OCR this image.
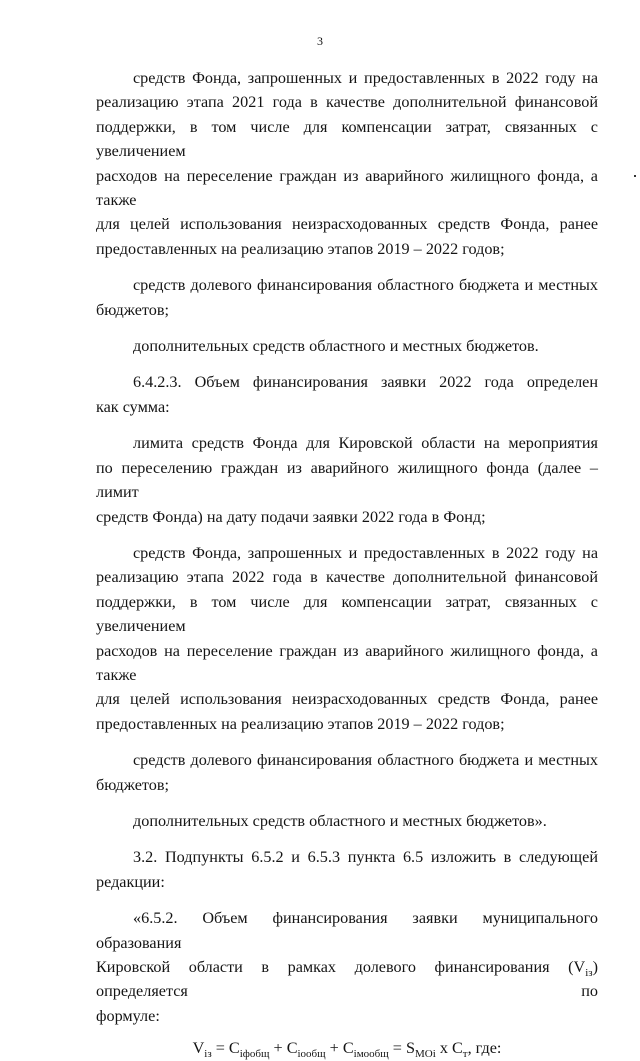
3
средств Фонда, запрошенных и предоставленных в 2022 году на
реализацию этапа 2021 года в качестве дополнительной финансовой
поддержки, в том числе для компенсации затрат, связанных с увеличением
расходов на переселение граждан из аварийного жилищного фонда, а также
для целей использования неизрасходованных средств Фонда, ранее
предоставленных на реализацию этапов 2019 – 2022 годов;
средств долевого финансирования областного бюджета и местных
бюджетов;
дополнительных средств областного и местных бюджетов.
6.4.2.3. Объем финансирования заявки 2022 года определен
как сумма:
лимита средств Фонда для Кировской области на мероприятия
по переселению граждан из аварийного жилищного фонда (далее – лимит
средств Фонда) на дату подачи заявки 2022 года в Фонд;
средств Фонда, запрошенных и предоставленных в 2022 году на
реализацию этапа 2022 года в качестве дополнительной финансовой
поддержки, в том числе для компенсации затрат, связанных с увеличением
расходов на переселение граждан из аварийного жилищного фонда, а также
для целей использования неизрасходованных средств Фонда, ранее
предоставленных на реализацию этапов 2019 – 2022 годов;
средств долевого финансирования областного бюджета и местных
бюджетов;
дополнительных средств областного и местных бюджетов».
3.2. Подпункты 6.5.2 и 6.5.3 пункта 6.5 изложить в следующей
редакции:
«6.5.2. Объем финансирования заявки муниципального образования
Кировской области в рамках долевого финансирования $(V_{iз})$ определяется по
формуле:
$V_{iз} = C_{iфобщ} + C_{iообщ} + C_{iмообщ} = S_{MOi}$ x $C_т$, где:
